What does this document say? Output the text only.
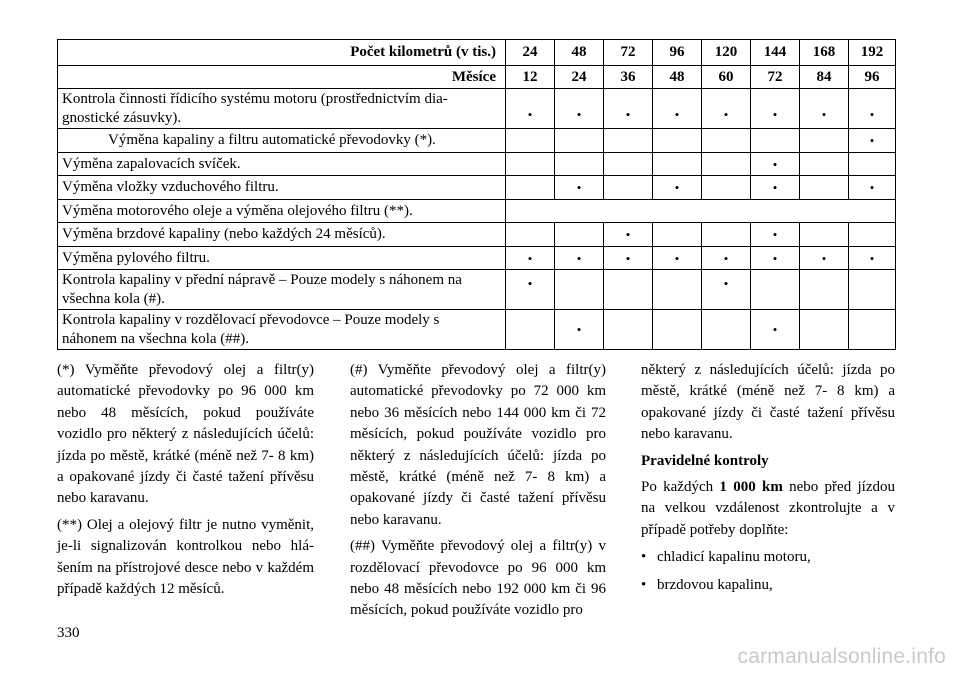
Počet kilometrů (v tis.)	24	48	72	96	120	144	168	192
Měsíce	12	24	36	48	60	72	84	96
Kontrola činnosti řídicího systému motoru (prostřednictvím dia-
gnostické zásuvky).	•	•	•	•	•	•	•	•
Výměna kapaliny a filtru automatické převodovky (*).								•
Výměna zapalovacích svíček.						•		
Výměna vložky vzduchového filtru.		•		•		•		•
Výměna motorového oleje a výměna olejového filtru (**).								
Výměna brzdové kapaliny (nebo každých 24 měsíců).			•			•		
Výměna pylového filtru.	•	•	•	•	•	•	•	•
Kontrola kapaliny v přední nápravě – Pouze modely s náhonem na
všechna kola (#).	•				•			
Kontrola kapaliny v rozdělovací převodovce – Pouze modely s
náhonem na všechna kola (##).		•				•		

(*) Vyměňte převodový olej a filtr(y) automatické převodovky po 96 000 km nebo 48 měsících, pokud používáte vozidlo pro některý z následujících účelů: jízda po městě, krátké (méně než 7- 8 km) a opakované jízdy či časté tažení přívěsu nebo karavanu.

(**) Olej a olejový filtr je nutno vyměnit, je-li signalizován kontrolkou nebo hlá- šením na přístrojové desce nebo v každém případě každých 12 měsíců.

(#) Vyměňte převodový olej a filtr(y) automatické převodovky po 72 000 km nebo 36 měsících nebo 144 000 km či 72 měsících, pokud používáte vozidlo pro některý z následujících účelů: jízda po městě, krátké (méně než 7- 8 km) a opakované jízdy či časté tažení přívěsu nebo karavanu.

(##) Vyměňte převodový olej a filtr(y) v rozdělovací převodovce po 96 000 km nebo 48 měsících nebo 192 000 km či 96 měsících, pokud používáte vozidlo pro

některý z následujících účelů: jízda po městě, krátké (méně než 7- 8 km) a opakované jízdy či časté tažení přívěsu nebo karavanu.

Pravidelné kontroly

Po každých 1 000 km nebo před jízdou na velkou vzdálenost zkontrolujte a v případě potřeby doplňte:

• chladicí kapalinu motoru,

• brzdovou kapalinu,

330
carmanualsonline.info
